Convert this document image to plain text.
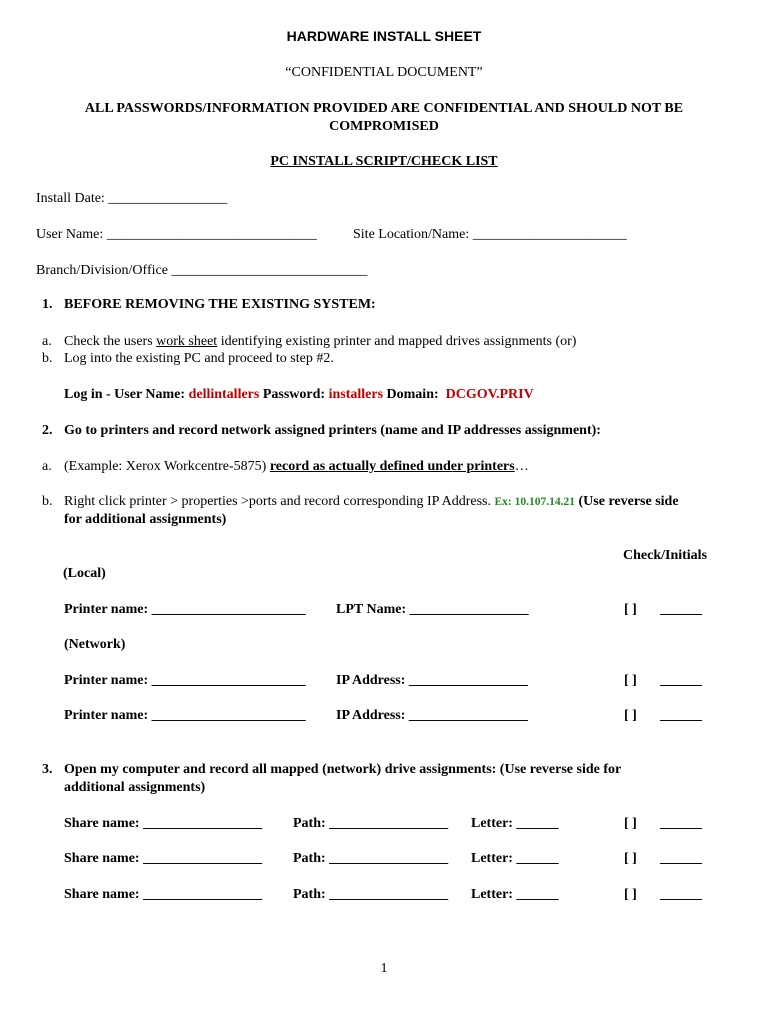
HARDWARE INSTALL SHEET
“CONFIDENTIAL DOCUMENT”
ALL PASSWORDS/INFORMATION PROVIDED ARE CONFIDENTIAL AND SHOULD NOT BE
COMPROMISED
PC INSTALL SCRIPT/CHECK LIST
Install Date: _________________
User Name: ______________________________	Site Location/Name: ______________________
Branch/Division/Office ____________________________
1. BEFORE REMOVING THE EXISTING SYSTEM:
a. Check the users work sheet identifying existing printer and mapped drives assignments (or)
b. Log into the existing PC and proceed to step #2.
Log in - User Name: dellintallers Password: installers Domain:  DCGOV.PRIV
2. Go to printers and record network assigned printers (name and IP addresses assignment):
a. (Example: Xerox Workcentre-5875) record as actually defined under printers…
b. Right click printer > properties >ports and record corresponding IP Address. Ex: 10.107.14.21 (Use reverse side
for additional assignments)
Check/Initials
(Local)
Printer name: ______________________ LPT Name: _________________	[ ] ______
(Network)
Printer name: ______________________ IP Address: _________________	[ ] ______
Printer name: ______________________ IP Address: _________________	[ ] ______
3. Open my computer and record all mapped (network) drive assignments: (Use reverse side for
additional assignments)
Share name: _________________ Path: _________________ Letter: ______	[ ] ______
Share name: _________________ Path: _________________ Letter: ______	[ ] ______
Share name: _________________ Path: _________________ Letter: ______	[ ] ______
1
